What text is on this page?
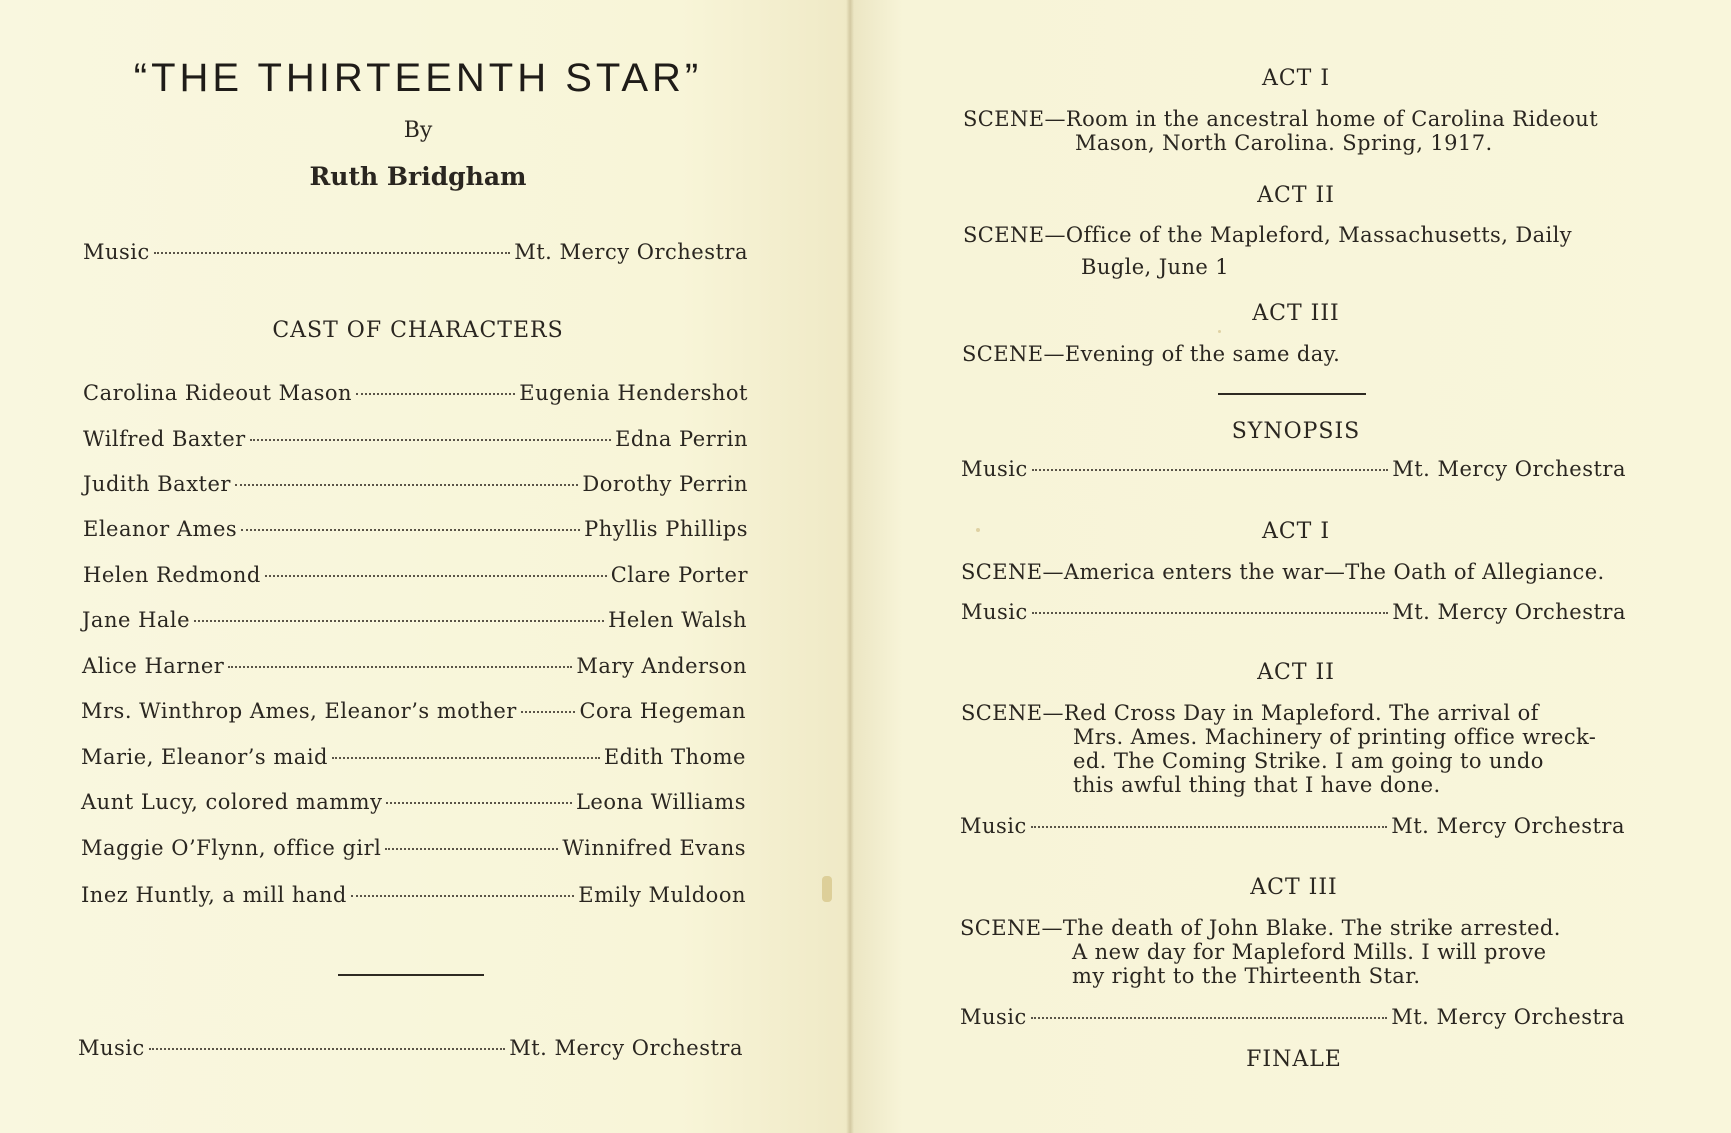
“THE THIRTEENTH STAR”
By
Ruth Bridgham
Music	Mt. Mercy Orchestra
CAST OF CHARACTERS
Carolina Rideout Mason	Eugenia Hendershot
Wilfred Baxter	Edna Perrin
Judith Baxter	Dorothy Perrin
Eleanor Ames	Phyllis Phillips
Helen Redmond	Clare Porter
Jane Hale	Helen Walsh
Alice Harner	Mary Anderson
Mrs. Winthrop Ames, Eleanor’s mother	Cora Hegeman
Marie, Eleanor’s maid	Edith Thome
Aunt Lucy, colored mammy	Leona Williams
Maggie O’Flynn, office girl	Winnifred Evans
Inez Huntly, a mill hand	Emily Muldoon
Music	Mt. Mercy Orchestra
ACT I
SCENE—Room in the ancestral home of Carolina Rideout
Mason, North Carolina. Spring, 1917.
ACT II
SCENE—Office of the Mapleford, Massachusetts, Daily
Bugle, June 1
ACT III
SCENE—Evening of the same day.
SYNOPSIS
Music	Mt. Mercy Orchestra
ACT I
SCENE—America enters the war—The Oath of Allegiance.
Music	Mt. Mercy Orchestra
ACT II
SCENE—Red Cross Day in Mapleford. The arrival of
Mrs. Ames. Machinery of printing office wreck-
ed. The Coming Strike. I am going to undo
this awful thing that I have done.
Music	Mt. Mercy Orchestra
ACT III
SCENE—The death of John Blake. The strike arrested.
A new day for Mapleford Mills. I will prove
my right to the Thirteenth Star.
Music	Mt. Mercy Orchestra
FINALE
